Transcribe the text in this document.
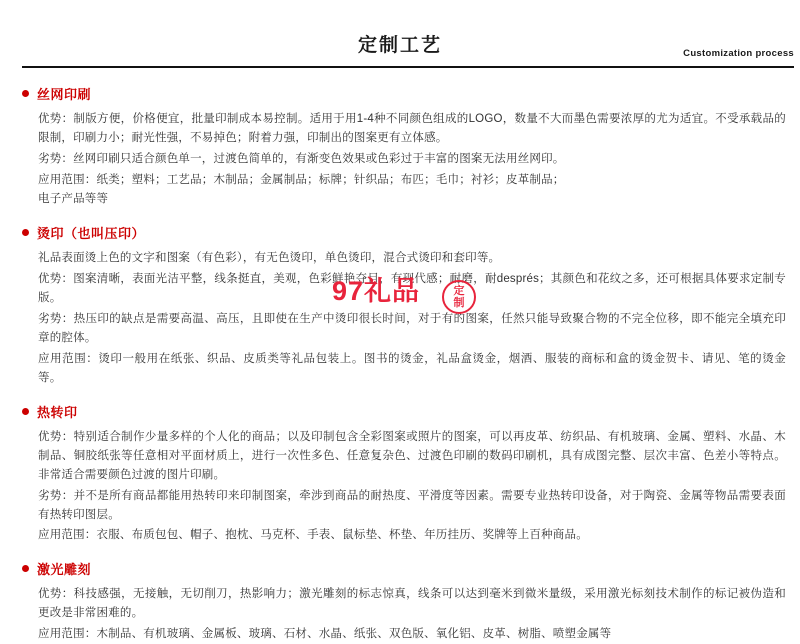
定制工艺	Customization process
丝网印刷

优势：制版方便，价格便宜，批量印制成本易控制。适用于用1-4种不同颜色组成的LOGO，数量不大而墨色需要浓厚的尤为适宜。不受承载品的限制，印刷力小；耐光性强，不易掉色；附着力强，印制出的图案更有立体感。

劣势：丝网印刷只适合颜色单一，过渡色简单的，有渐变色效果或色彩过于丰富的图案无法用丝网印。

应用范围：纸类；塑料；工艺品；木制品；金属制品；标牌；针织品；布匹；毛巾；衬衫；皮革制品；

电子产品等等

烫印（也叫压印）

礼品表面烫上色的文字和图案（有色彩），有无色烫印，单色烫印，混合式烫印和套印等。

优势：图案清晰，表面光洁平整，线条挺直，美观，色彩鲜艳夺目，有现代感；耐磨，耐després；其颜色和花纹之多，还可根据具体要求定制专版。

劣势：热压印的缺点是需要高温、高压，且即使在生产中烫印很长时间，对于有的图案，任然只能导致聚合物的不完全位移，即不能完全填充印章的腔体。

应用范围：烫印一般用在纸张、织品、皮质类等礼品包装上。图书的烫金，礼品盒烫金，烟酒、服装的商标和盒的烫金贺卡、请见、笔的烫金等。

热转印

优势：特别适合制作少量多样的个人化的商品；以及印制包含全彩图案或照片的图案，可以再皮革、纺织品、有机玻璃、金属、塑料、水晶、木制品、铜胶纸张等任意相对平面材质上，进行一次性多色、任意复杂色、过渡色印刷的数码印刷机，具有成图完整、层次丰富、色差小等特点。非常适合需要颜色过渡的图片印刷。

劣势：并不是所有商品都能用热转印来印制图案，牵涉到商品的耐热度、平滑度等因素。需要专业热转印设备，对于陶瓷、金属等物品需要表面有热转印图层。

应用范围：衣服、布质包包、帽子、抱枕、马克杯、手表、鼠标垫、杯垫、年历挂历、奖牌等上百种商品。

激光雕刻

优势：科技感强，无接触，无切削刀，热影响力；激光雕刻的标志惊真，线条可以达到毫米到微米量级，采用激光标刻技术制作的标记被伪造和更改是非常困难的。

应用范围：木制品、有机玻璃、金属板、玻璃、石材、水晶、纸张、双色版、氧化铝、皮革、树脂、喷塑金属等

97礼品	定
制
